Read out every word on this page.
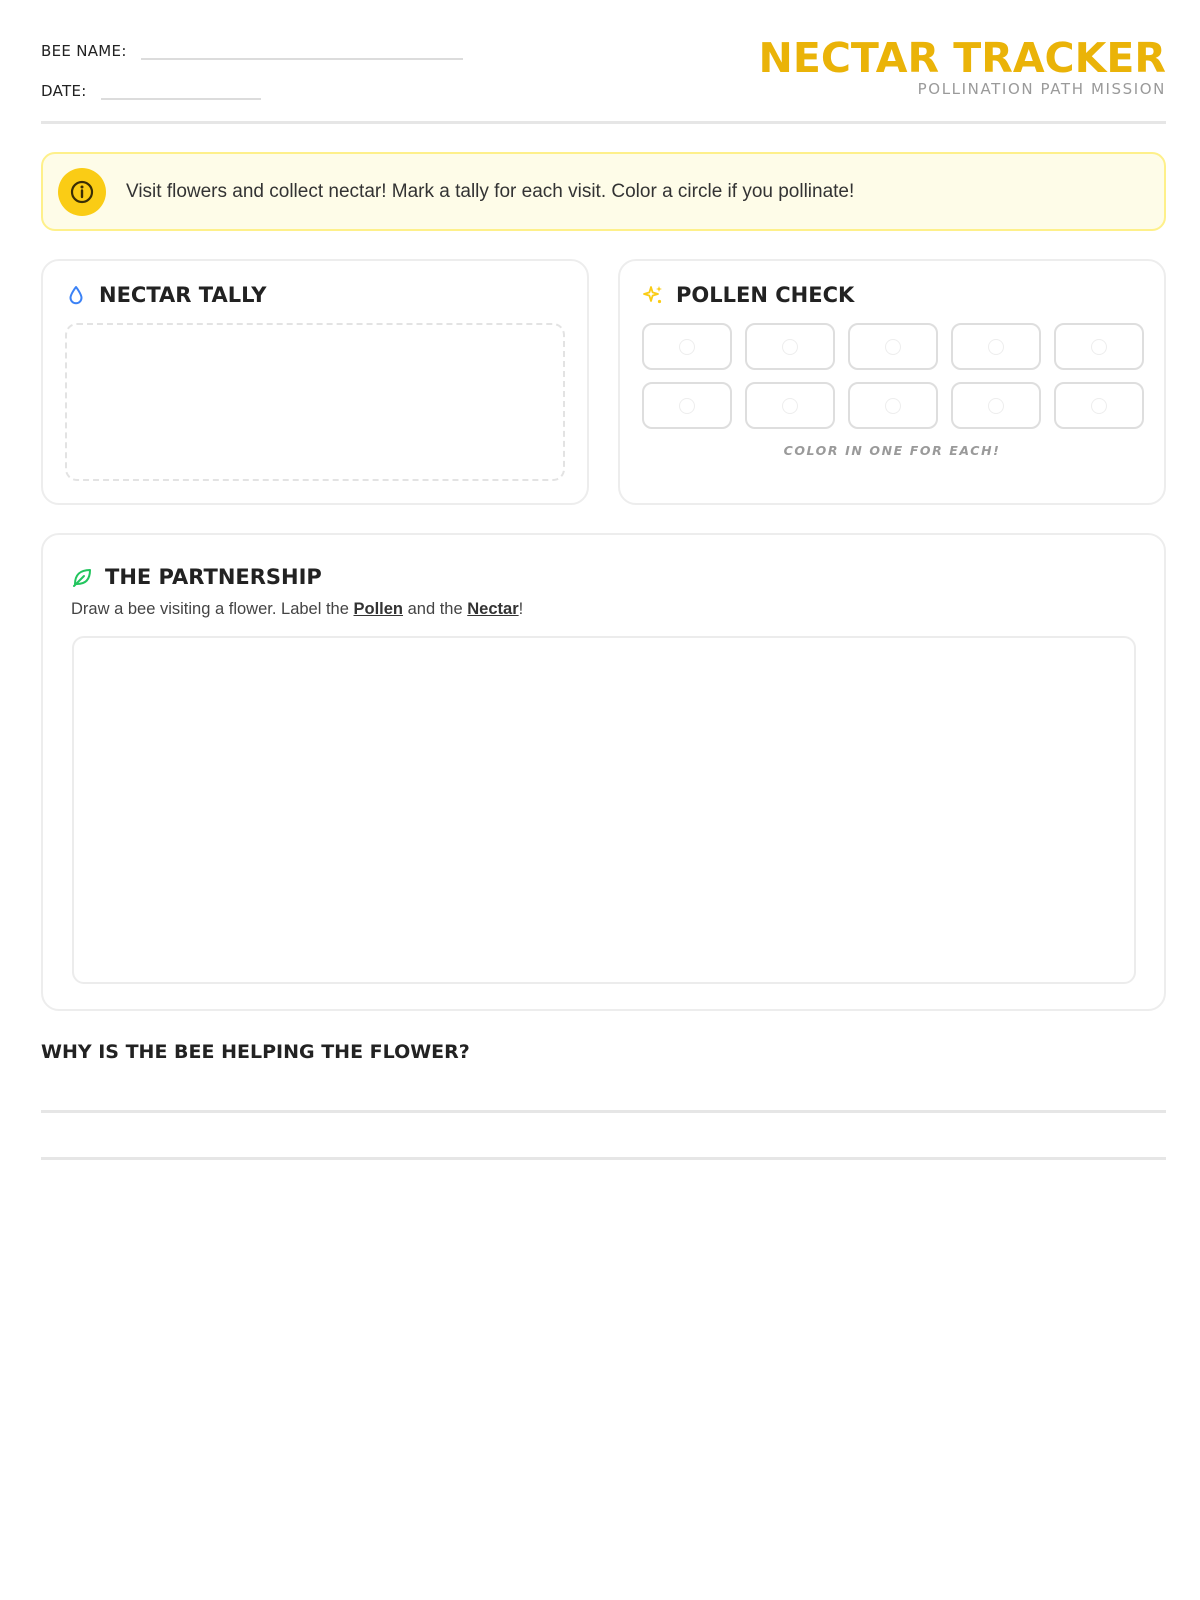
BEE NAME:
DATE:
NECTAR TRACKER
POLLINATION PATH MISSION
Visit flowers and collect nectar! Mark a tally for each visit. Color a circle if you pollinate!
NECTAR TALLY	POLLEN CHECK
COLOR IN ONE FOR EACH!
THE PARTNERSHIP
Draw a bee visiting a flower. Label the Pollen and the Nectar!
WHY IS THE BEE HELPING THE FLOWER?
